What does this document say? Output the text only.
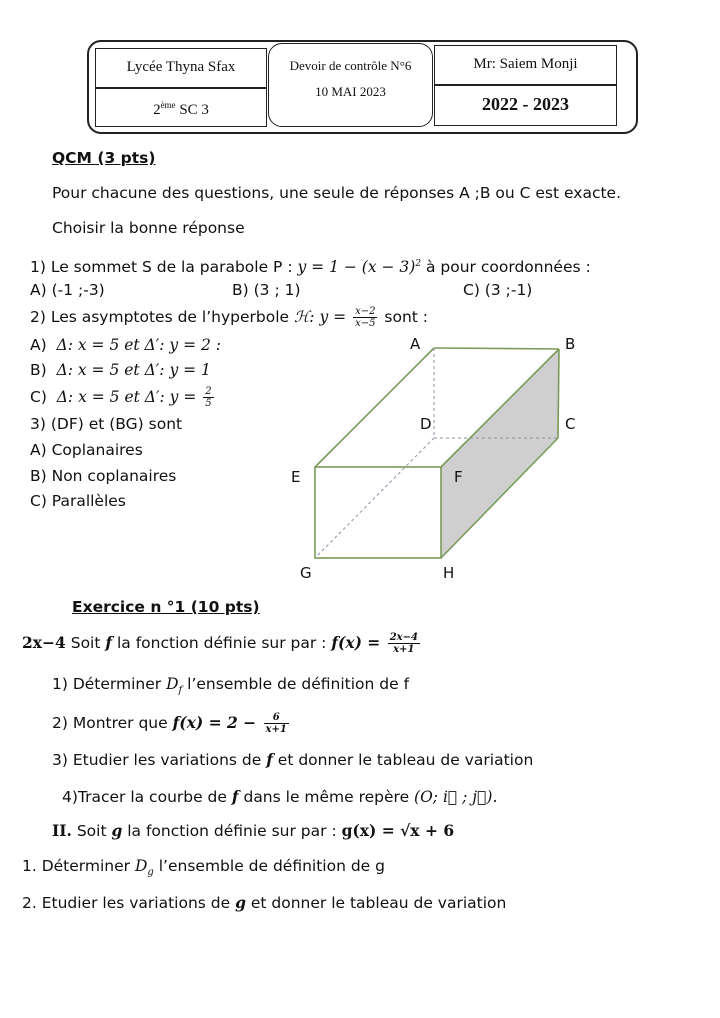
Lycée Thyna Sfax
2ème SC 3
Devoir de contrôle N°6
10 MAI 2023
Mr: Saiem Monji
2022 - 2023
QCM (3 pts)
Pour chacune des questions, une seule de réponses A ;B ou C est exacte.
Choisir la bonne réponse
1) Le sommet S de la parabole P : $y = 1 - (x - 3)^2$ à pour coordonnées :
A) (-1 ;-3)	B) (3 ; 1)	C) (3 ;-1)
2) Les asymptotes de l’hyperbole ℋ: $y = \frac{x-2}{x-5}$ sont :
A) Δ: x = 5 et Δ′: y = 2 :
B) Δ: x = 5 et Δ′: y = 1
C) Δ: x = 5 et Δ′: $y = \frac{2}{5}$
3) (DF) et (BG) sont
A) Coplanaires
B) Non coplanaires
C) Parallèles
A	B
C
D
E	F
G	H
Exercice n °1 (10 pts)
2x−4 Soit f la fonction définie sur par : $f(x) = \frac{2x-4}{x+1}$
1) Déterminer $D_f$ l’ensemble de définition de f
2) Montrer que $f(x) = 2 - \frac{6}{x+1}$
3) Etudier les variations de f et donner le tableau de variation
4)Tracer la courbe de f dans le même repère (O; i⃗ ; j⃗).
II. Soit g la fonction définie sur par : g(x) = √x + 6
1. Déterminer $D_g$ l’ensemble de définition de g
2. Etudier les variations de g et donner le tableau de variation
